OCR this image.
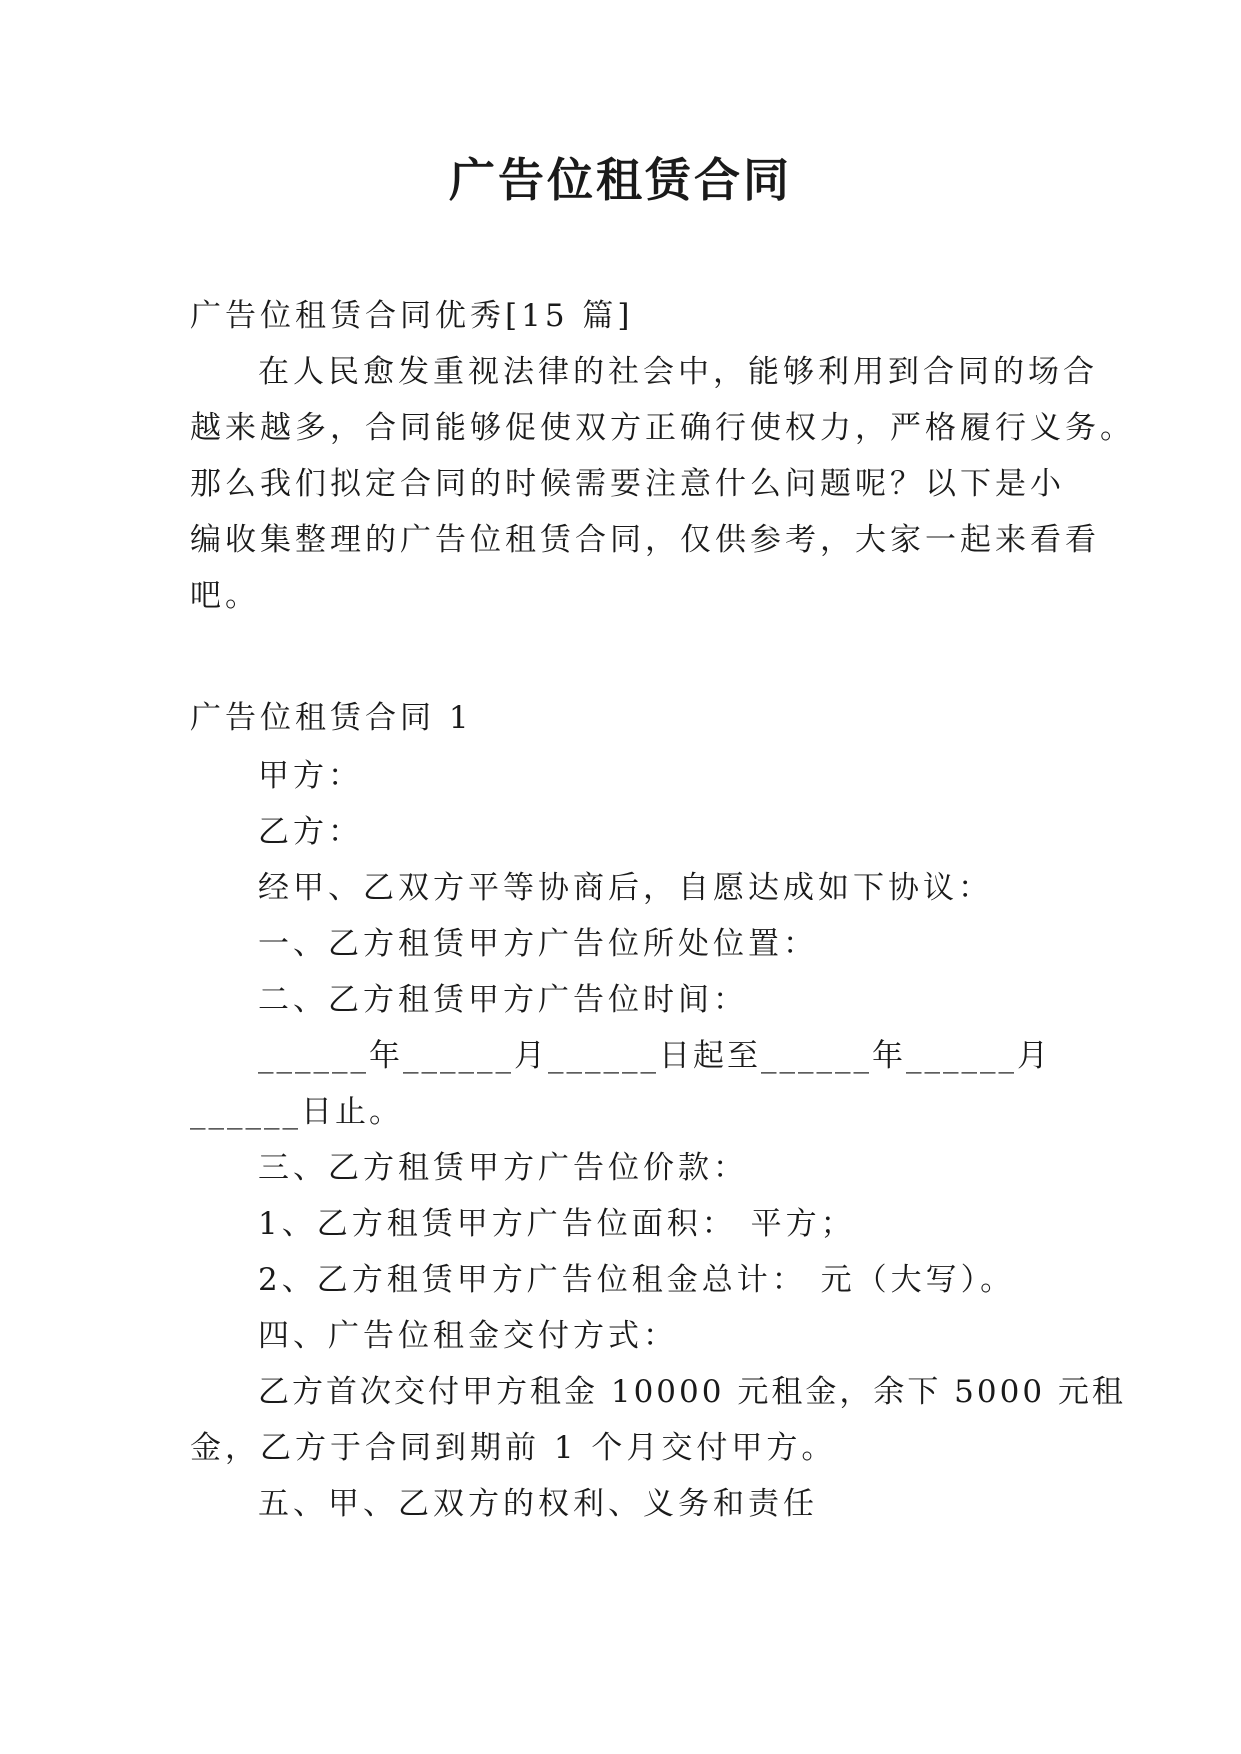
广告位租赁合同
广告位租赁合同优秀[15 篇]
在人民愈发重视法律的社会中，能够利用到合同的场合
越来越多，合同能够促使双方正确行使权力，严格履行义务。
那么我们拟定合同的时候需要注意什么问题呢？以下是小
编收集整理的广告位租赁合同，仅供参考，大家一起来看看
吧。
广告位租赁合同 1
甲方：
乙方：
经甲、乙双方平等协商后，自愿达成如下协议：
一、乙方租赁甲方广告位所处位置：
二、乙方租赁甲方广告位时间：
______年______月______日起至______年______月
______日止。
三、乙方租赁甲方广告位价款：
1、乙方租赁甲方广告位面积： 平方；
2、乙方租赁甲方广告位租金总计： 元（大写）。
四、广告位租金交付方式：
乙方首次交付甲方租金 10000 元租金，余下 5000 元租
金，乙方于合同到期前 1 个月交付甲方。
五、甲、乙双方的权利、义务和责任
